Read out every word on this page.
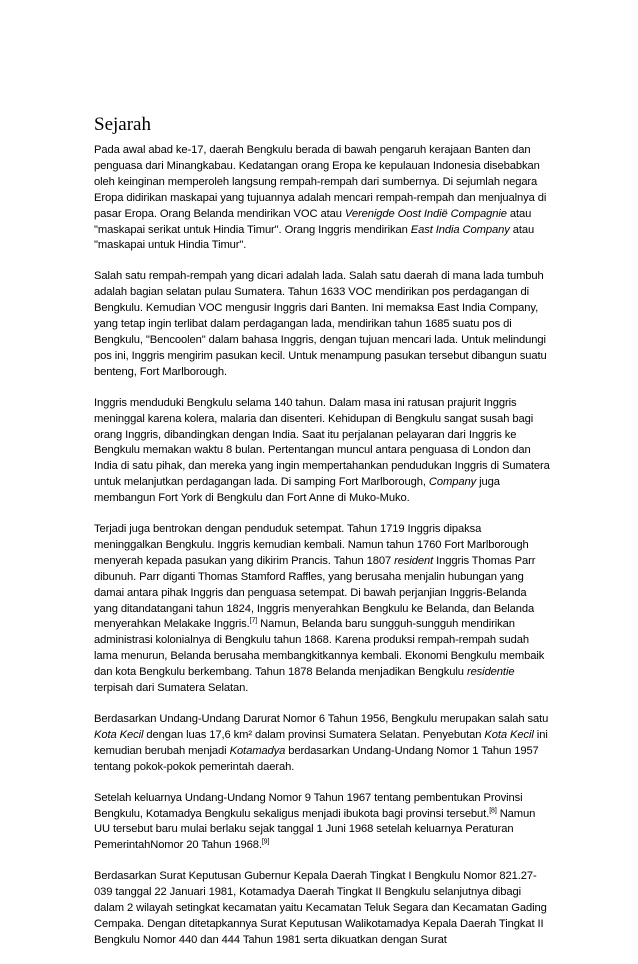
Sejarah

Pada awal abad ke-17, daerah Bengkulu berada di bawah pengaruh kerajaan Banten dan penguasa dari Minangkabau. Kedatangan orang Eropa ke kepulauan Indonesia disebabkan oleh keinginan memperoleh langsung rempah-rempah dari sumbernya. Di sejumlah negara Eropa didirikan maskapai yang tujuannya adalah mencari rempah-rempah dan menjualnya di pasar Eropa. Orang Belanda mendirikan VOC atau Verenigde Oost Indiё Compagnie atau "maskapai serikat untuk Hindia Timur". Orang Inggris mendirikan East India Company atau "maskapai untuk Hindia Timur".

Salah satu rempah-rempah yang dicari adalah lada. Salah satu daerah di mana lada tumbuh adalah bagian selatan pulau Sumatera. Tahun 1633 VOC mendirikan pos perdagangan di Bengkulu. Kemudian VOC mengusir Inggris dari Banten. Ini memaksa East India Company, yang tetap ingin terlibat dalam perdagangan lada, mendirikan tahun 1685 suatu pos di Bengkulu, "Bencoolen" dalam bahasa Inggris, dengan tujuan mencari lada. Untuk melindungi pos ini, Inggris mengirim pasukan kecil. Untuk menampung pasukan tersebut dibangun suatu benteng, Fort Marlborough.

Inggris menduduki Bengkulu selama 140 tahun. Dalam masa ini ratusan prajurit Inggris meninggal karena kolera, malaria dan disenteri. Kehidupan di Bengkulu sangat susah bagi orang Inggris, dibandingkan dengan India. Saat itu perjalanan pelayaran dari Inggris ke Bengkulu memakan waktu 8 bulan. Pertentangan muncul antara penguasa di London dan India di satu pihak, dan mereka yang ingin mempertahankan pendudukan Inggris di Sumatera untuk melanjutkan perdagangan lada. Di samping Fort Marlborough, Company juga membangun Fort York di Bengkulu dan Fort Anne di Muko-Muko.

Terjadi juga bentrokan dengan penduduk setempat. Tahun 1719 Inggris dipaksa meninggalkan Bengkulu. Inggris kemudian kembali. Namun tahun 1760 Fort Marlborough menyerah kepada pasukan yang dikirim Prancis. Tahun 1807 resident Inggris Thomas Parr dibunuh. Parr diganti Thomas Stamford Raffles, yang berusaha menjalin hubungan yang damai antara pihak Inggris dan penguasa setempat. Di bawah perjanjian Inggris-Belanda yang ditandatangani tahun 1824, Inggris menyerahkan Bengkulu ke Belanda, dan Belanda menyerahkan Melakake Inggris.[7] Namun, Belanda baru sungguh-sungguh mendirikan administrasi kolonialnya di Bengkulu tahun 1868. Karena produksi rempah-rempah sudah lama menurun, Belanda berusaha membangkitkannya kembali. Ekonomi Bengkulu membaik dan kota Bengkulu berkembang. Tahun 1878 Belanda menjadikan Bengkulu residentie terpisah dari Sumatera Selatan.

Berdasarkan Undang-Undang Darurat Nomor 6 Tahun 1956, Bengkulu merupakan salah satu Kota Kecil dengan luas 17,6 km² dalam provinsi Sumatera Selatan. Penyebutan Kota Kecil ini kemudian berubah menjadi Kotamadya berdasarkan Undang-Undang Nomor 1 Tahun 1957 tentang pokok-pokok pemerintah daerah.

Setelah keluarnya Undang-Undang Nomor 9 Tahun 1967 tentang pembentukan Provinsi Bengkulu, Kotamadya Bengkulu sekaligus menjadi ibukota bagi provinsi tersebut.[8] Namun UU tersebut baru mulai berlaku sejak tanggal 1 Juni 1968 setelah keluarnya Peraturan PemerintahNomor 20 Tahun 1968.[9]

Berdasarkan Surat Keputusan Gubernur Kepala Daerah Tingkat I Bengkulu Nomor 821.27-039 tanggal 22 Januari 1981, Kotamadya Daerah Tingkat II Bengkulu selanjutnya dibagi dalam 2 wilayah setingkat kecamatan yaitu Kecamatan Teluk Segara dan Kecamatan Gading Cempaka. Dengan ditetapkannya Surat Keputusan Walikotamadya Kepala Daerah Tingkat II Bengkulu Nomor 440 dan 444 Tahun 1981 serta dikuatkan dengan Surat
